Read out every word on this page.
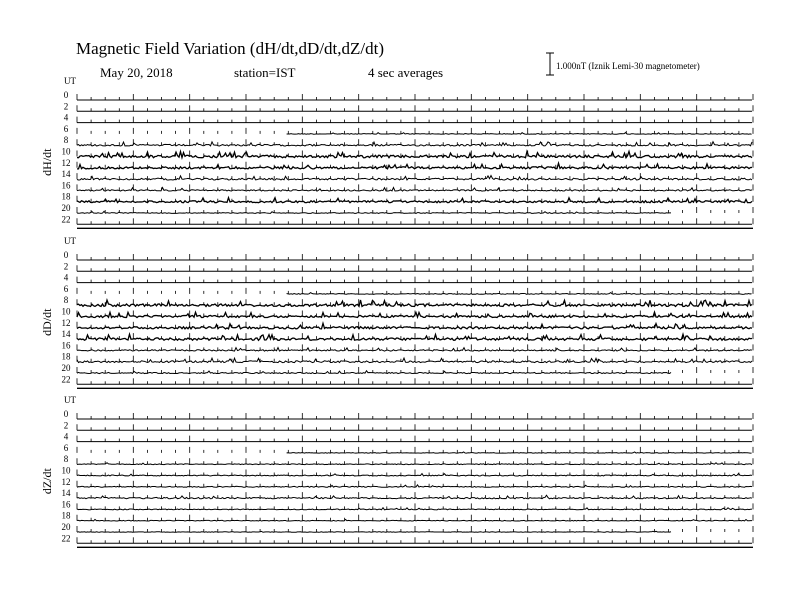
Magnetic Field Variation (dH/dt,dD/dt,dZ/dt)
May 20, 2018	station=IST	4 sec averages	1.000nT (Iznik Lemi-30 magnetometer)
UT
dH/dt
0
2
4
6
8
10
12
14
16
18
20
22
UT
dD/dt
0
2
4
6
8
10
12
14
16
18
20
22
UT
dZ/dt
0
2
4
6
8
10
12
14
16
18
20
22
